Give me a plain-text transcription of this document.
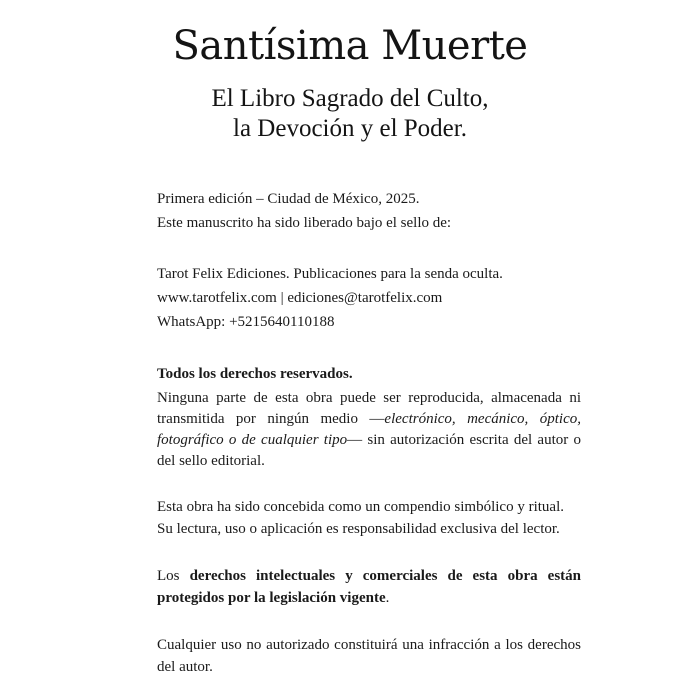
Santísima Muerte
El Libro Sagrado del Culto,
la Devoción y el Poder.
Primera edición – Ciudad de México, 2025.
Este manuscrito ha sido liberado bajo el sello de:
Tarot Felix Ediciones. Publicaciones para la senda oculta.
www.tarotfelix.com | ediciones@tarotfelix.com
WhatsApp: +5215640110188
Todos los derechos reservados.
Ninguna parte de esta obra puede ser reproducida, almacenada ni transmitida por ningún medio —electrónico, mecánico, óptico, fotográfico o de cualquier tipo— sin autorización escrita del autor o del sello editorial.
Esta obra ha sido concebida como un compendio simbólico y ritual.
Su lectura, uso o aplicación es responsabilidad exclusiva del lector.
Los derechos intelectuales y comerciales de esta obra están protegidos por la legislación vigente.
Cualquier uso no autorizado constituirá una infracción a los derechos del autor.
